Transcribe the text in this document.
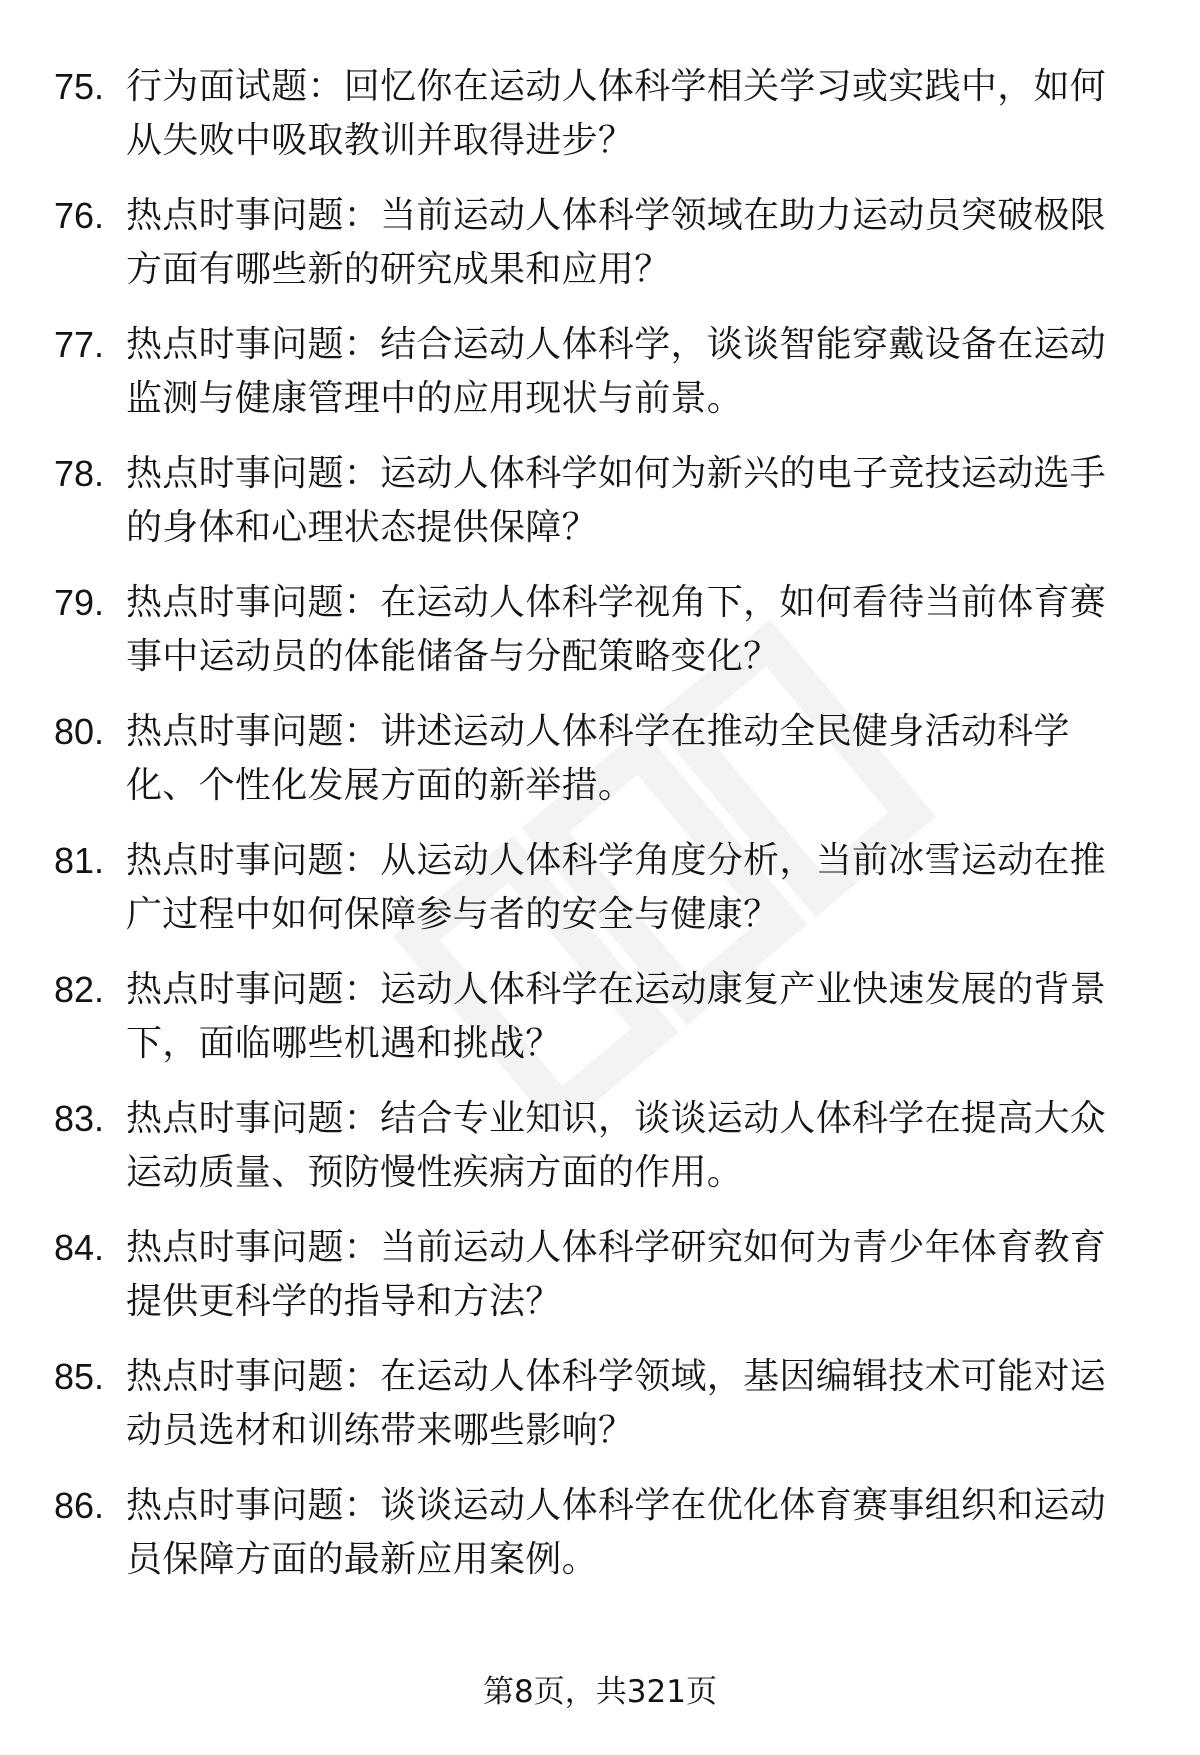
75. 行为面试题：回忆你在运动人体科学相关学习或实践中，如何从失败中吸取教训并取得进步？
76. 热点时事问题：当前运动人体科学领域在助力运动员突破极限方面有哪些新的研究成果和应用？
77. 热点时事问题：结合运动人体科学，谈谈智能穿戴设备在运动监测与健康管理中的应用现状与前景。
78. 热点时事问题：运动人体科学如何为新兴的电子竞技运动选手的身体和心理状态提供保障？
79. 热点时事问题：在运动人体科学视角下，如何看待当前体育赛事中运动员的体能储备与分配策略变化？
80. 热点时事问题：讲述运动人体科学在推动全民健身活动科学化、个性化发展方面的新举措。
81. 热点时事问题：从运动人体科学角度分析，当前冰雪运动在推广过程中如何保障参与者的安全与健康？
82. 热点时事问题：运动人体科学在运动康复产业快速发展的背景下，面临哪些机遇和挑战？
83. 热点时事问题：结合专业知识，谈谈运动人体科学在提高大众运动质量、预防慢性疾病方面的作用。
84. 热点时事问题：当前运动人体科学研究如何为青少年体育教育提供更科学的指导和方法？
85. 热点时事问题：在运动人体科学领域，基因编辑技术可能对运动员选材和训练带来哪些影响？
86. 热点时事问题：谈谈运动人体科学在优化体育赛事组织和运动员保障方面的最新应用案例。
第8页，共321页
